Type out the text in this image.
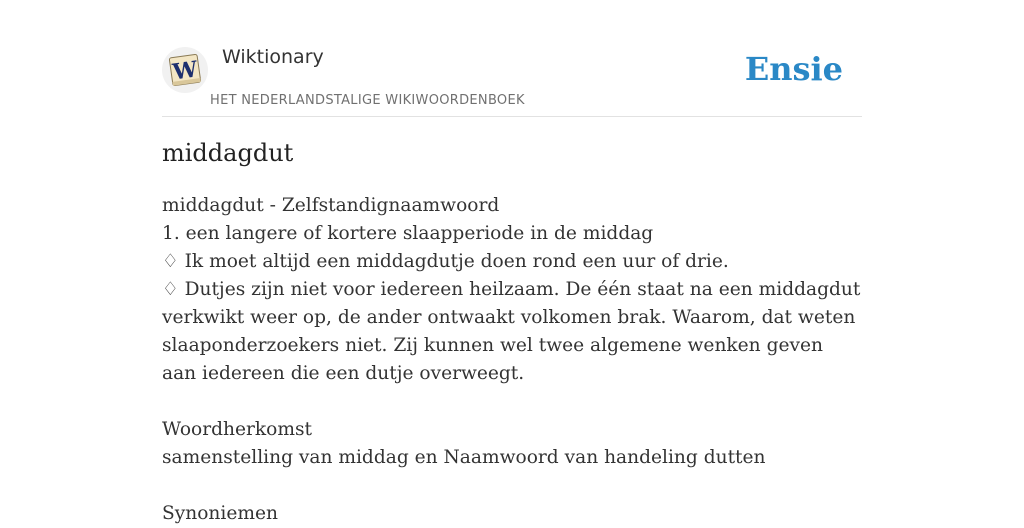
W Wiktionary
HET NEDERLANDSTALIGE WIKIWOORDENBOEK
Ensie
middagdut
middagdut - Zelfstandignaamwoord
1. een langere of kortere slaapperiode in de middag
♢ Ik moet altijd een middagdutje doen rond een uur of drie.
♢ Dutjes zijn niet voor iedereen heilzaam. De één staat na een middagdut verkwikt weer op, de ander ontwaakt volkomen brak. Waarom, dat weten slaaponderzoekers niet. Zij kunnen wel twee algemene wenken geven aan iedereen die een dutje overweegt.
Woordherkomst
samenstelling van middag en Naamwoord van handeling dutten
Synoniemen
